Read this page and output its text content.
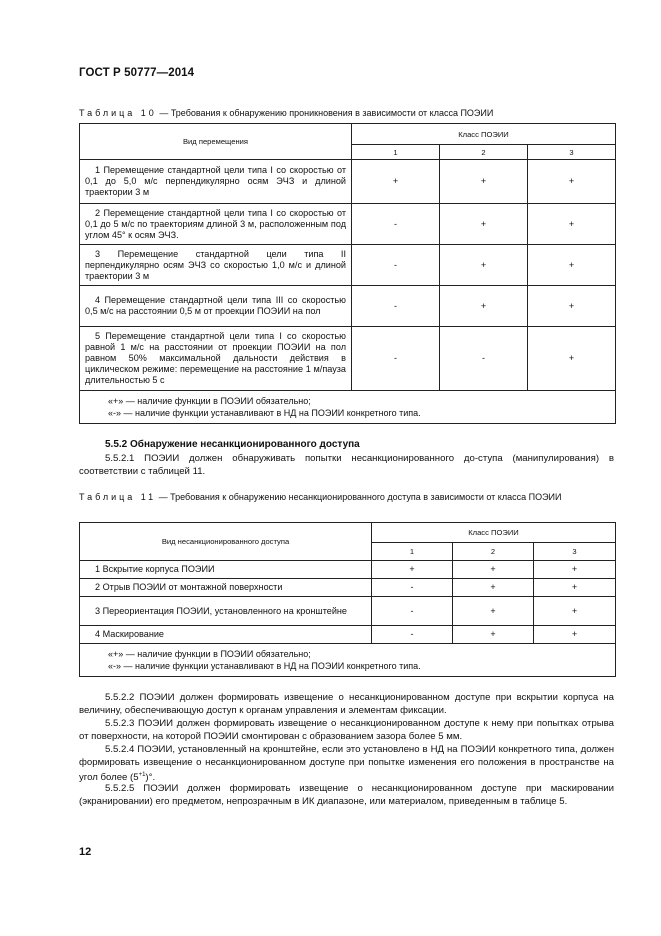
ГОСТ Р 50777—2014
Таблица 10 — Требования к обнаружению проникновения в зависимости от класса ПОЭИИ
Вид перемещения	Класс ПОЭИИ		
	1	2	3
1 Перемещение стандартной цели типа I со скоростью от 0,1 до 5,0 м/с перпендикулярно осям ЭЧЗ и длиной траектории 3 м	+	+	+
2 Перемещение стандартной цели типа I со скоростью от 0,1 до 5 м/с по траекториям длиной 3 м, расположенным под углом 45° к осям ЭЧЗ.	-	+	+
3 Перемещение стандартной цели типа II перпендикулярно осям ЭЧЗ со скоростью 1,0 м/с и длиной траектории 3 м	-	+	+
4 Перемещение стандартной цели типа III со скоростью 0,5 м/с на расстоянии 0,5 м от проекции ПОЭИИ на пол	-	+	+
5 Перемещение стандартной цели типа I со скоростью равной 1 м/с на расстоянии от проекции ПОЭИИ на пол равном 50% максимальной дальности действия в циклическом режиме: перемещение на расстояние 1 м/пауза длительностью 5 с	-	-	+

«+» — наличие функции в ПОЭИИ обязательно;
«-» — наличие функции устанавливают в НД на ПОЭИИ конкретного типа.			
5.5.2 Обнаружение несанкционированного доступа
5.5.2.1 ПОЭИИ должен обнаруживать попытки несанкционированного до-ступа (манипулирования) в соответствии с таблицей 11.
Таблица 11 — Требования к обнаружению несанкционированного доступа в зависимости от класса ПОЭИИ
Вид несанкционированного доступа	Класс ПОЭИИ		
	1	2	3
1 Вскрытие корпуса ПОЭИИ	+	+	+
2 Отрыв ПОЭИИ от монтажной поверхности	-	+	+
3 Переориентация ПОЭИИ, установленного на кронштейне	-	+	+
4 Маскирование	-	+	+

«+» — наличие функции в ПОЭИИ обязательно;
«-» — наличие функции устанавливают в НД на ПОЭИИ конкретного типа.			
5.5.2.2 ПОЭИИ должен формировать извещение о несанкционированном доступе при вскрытии корпуса на величину, обеспечивающую доступ к органам управления и элементам фиксации.
5.5.2.3 ПОЭИИ должен формировать извещение о несанкционированном доступе к нему при попытках отрыва от поверхности, на которой ПОЭИИ смонтирован с образованием зазора более 5 мм.
5.5.2.4 ПОЭИИ, установленный на кронштейне, если это установлено в НД на ПОЭИИ конкретного типа, должен формировать извещение о несанкционированном доступе при попытке изменения его положения в пространстве на угол более $(5^{+1})^\circ$.
5.5.2.5 ПОЭИИ должен формировать извещение о несанкционированном доступе при маскировании (экранировании) его предметом, непрозрачным в ИК диапазоне, или материалом, приведенным в таблице 5.
12
